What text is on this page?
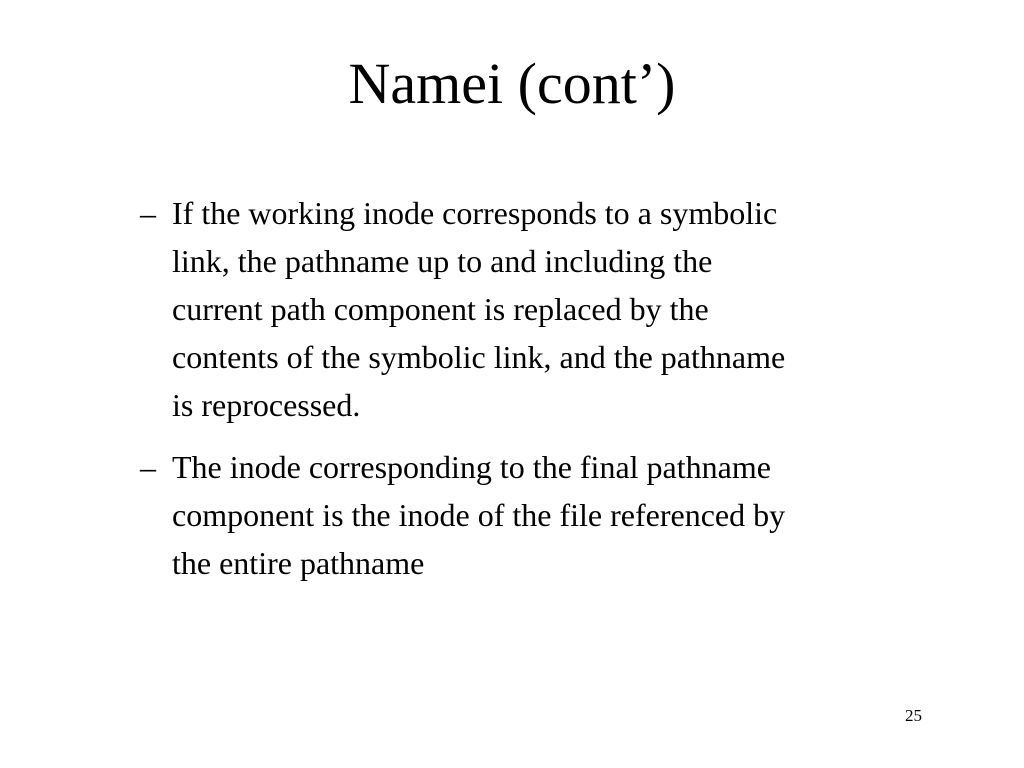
Namei (cont’)
– If the working inode corresponds to a symbolic
link, the pathname up to and including the
current path component is replaced by the
contents of the symbolic link, and the pathname
is reprocessed.
– The inode corresponding to the final pathname
component is the inode of the file referenced by
the entire pathname
25
